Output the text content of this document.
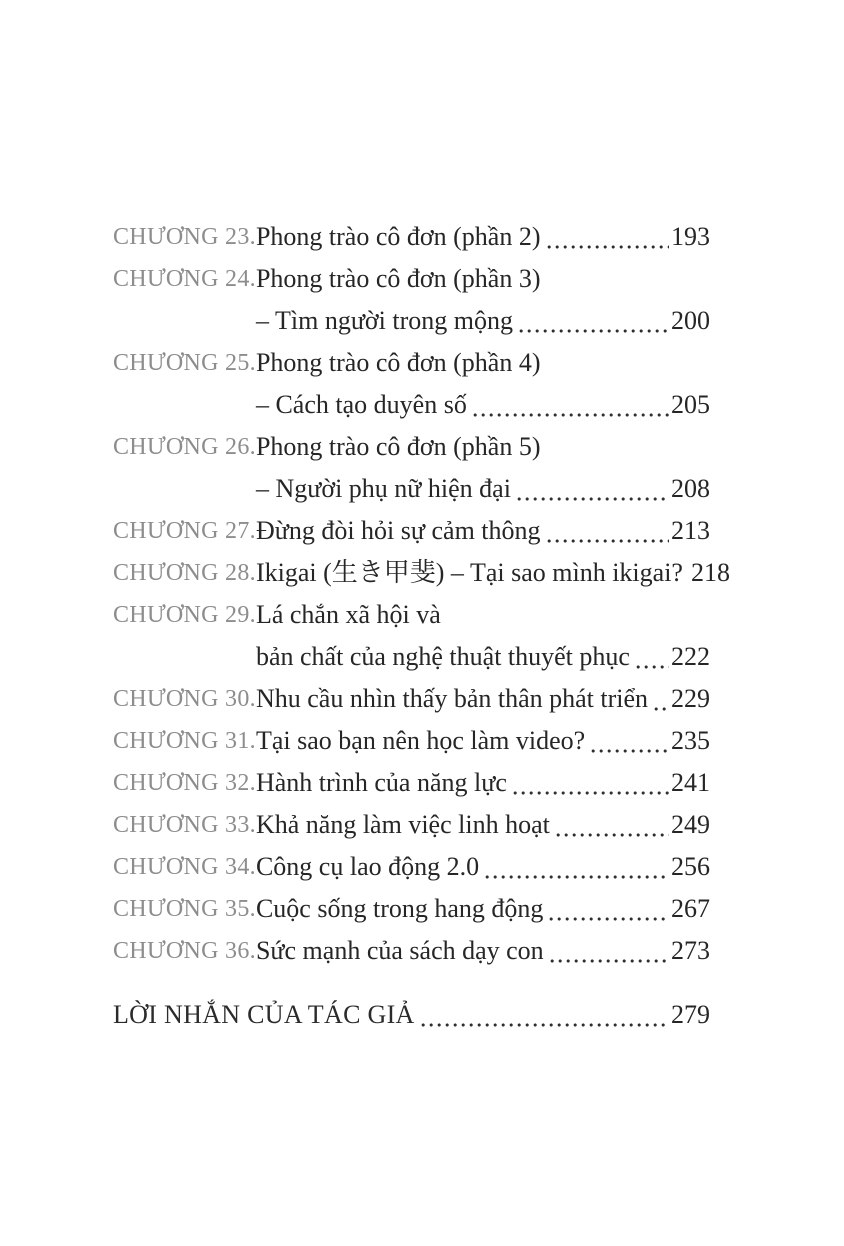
CHƯƠNG 23. Phong trào cô đơn (phần 2)	193
CHƯƠNG 24. Phong trào cô đơn (phần 3)
– Tìm người trong mộng	200
CHƯƠNG 25. Phong trào cô đơn (phần 4)
– Cách tạo duyên số	205
CHƯƠNG 26. Phong trào cô đơn (phần 5)
– Người phụ nữ hiện đại	208
CHƯƠNG 27. Đừng đòi hỏi sự cảm thông	213
CHƯƠNG 28. Ikigai (生き甲斐) – Tại sao mình ikigai? 218
CHƯƠNG 29. Lá chắn xã hội và
bản chất của nghệ thuật thuyết phục 222
CHƯƠNG 30. Nhu cầu nhìn thấy bản thân phát triển 229
CHƯƠNG 31. Tại sao bạn nên học làm video?	235
CHƯƠNG 32. Hành trình của năng lực	241
CHƯƠNG 33. Khả năng làm việc linh hoạt	249
CHƯƠNG 34. Công cụ lao động 2.0	256
CHƯƠNG 35. Cuộc sống trong hang động	267
CHƯƠNG 36. Sức mạnh của sách dạy con	273
LỜI NHẮN CỦA TÁC GIẢ	279
